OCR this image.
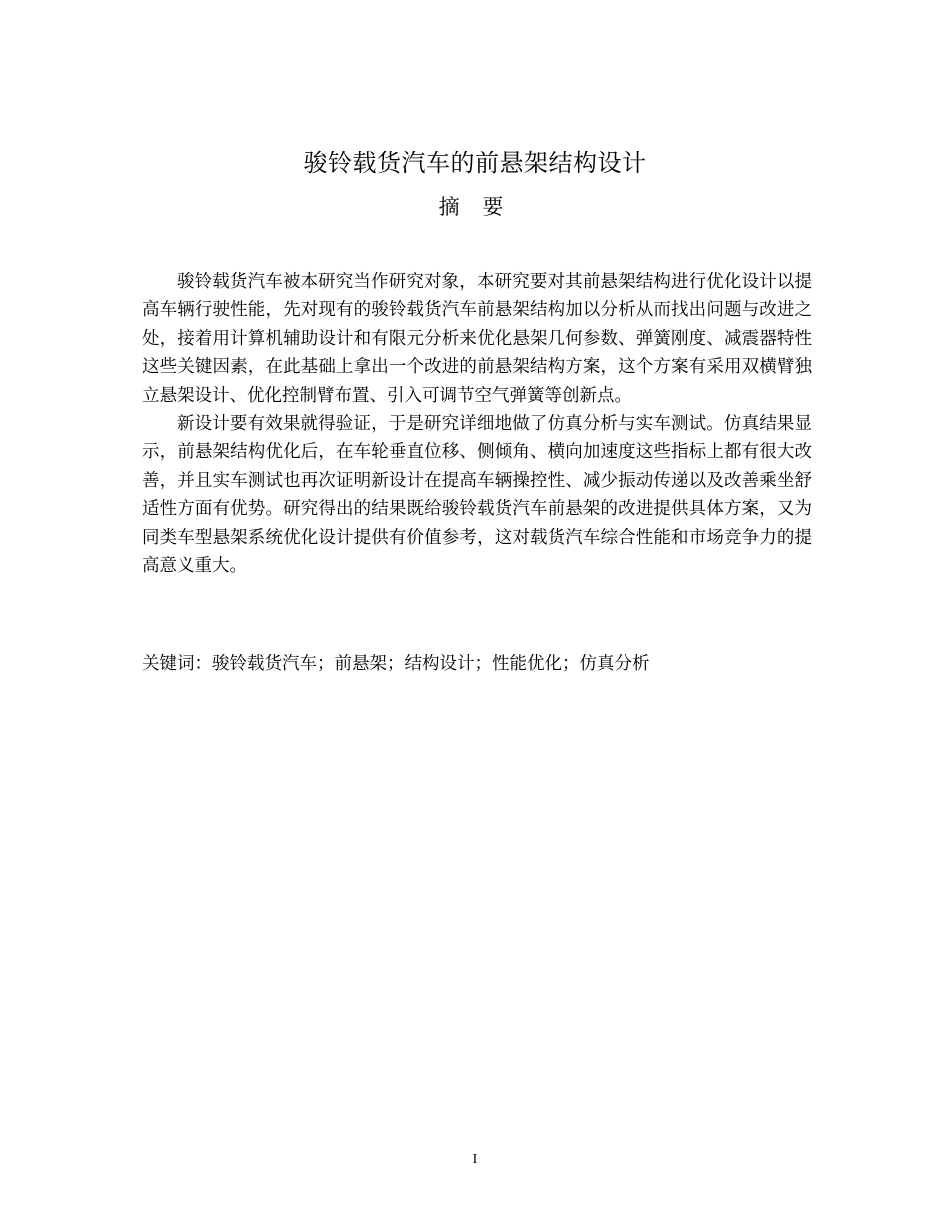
骏铃载货汽车的前悬架结构设计
摘 要

骏铃载货汽车被本研究当作研究对象，本研究要对其前悬架结构进行优化设计以提高车辆行驶性能，先对现有的骏铃载货汽车前悬架结构加以分析从而找出问题与改进之处，接着用计算机辅助设计和有限元分析来优化悬架几何参数、弹簧刚度、减震器特性这些关键因素，在此基础上拿出一个改进的前悬架结构方案，这个方案有采用双横臂独立悬架设计、优化控制臂布置、引入可调节空气弹簧等创新点。

新设计要有效果就得验证，于是研究详细地做了仿真分析与实车测试。仿真结果显示，前悬架结构优化后，在车轮垂直位移、侧倾角、横向加速度这些指标上都有很大改善，并且实车测试也再次证明新设计在提高车辆操控性、减少振动传递以及改善乘坐舒适性方面有优势。研究得出的结果既给骏铃载货汽车前悬架的改进提供具体方案，又为同类车型悬架系统优化设计提供有价值参考，这对载货汽车综合性能和市场竞争力的提高意义重大。

关键词：骏铃载货汽车；前悬架；结构设计；性能优化；仿真分析
I
